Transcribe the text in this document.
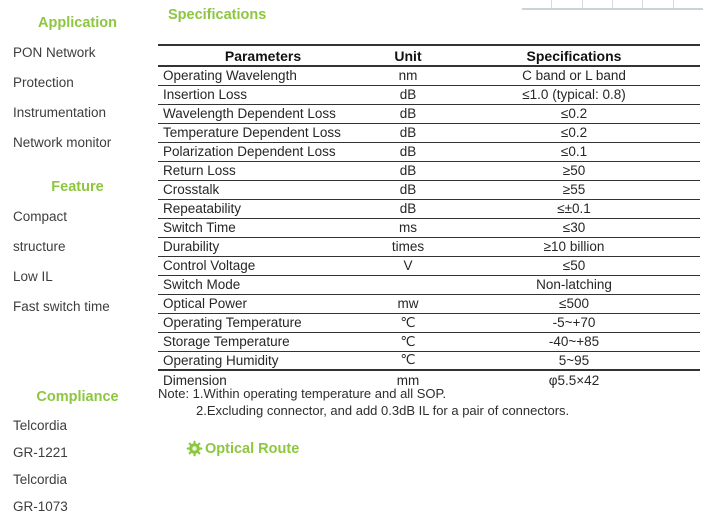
Application
PON Network
Protection
Instrumentation
Network monitor
Feature
Compact
structure
Low IL
Fast switch time
Compliance
Telcordia
GR-1221
Telcordia
GR-1073
Specifications
Parameters	Unit	Specifications
Operating Wavelength	nm	C band or L band
Insertion Loss	dB	≤1.0 (typical: 0.8)
Wavelength Dependent Loss	dB	≤0.2
Temperature Dependent Loss	dB	≤0.2
Polarization Dependent Loss	dB	≤0.1
Return Loss	dB	≥50
Crosstalk	dB	≥55
Repeatability	dB	≤±0.1
Switch Time	ms	≤30
Durability	times	≥10 billion
Control Voltage	V	≤50
Switch Mode		Non-latching
Optical Power	mw	≤500
Operating Temperature	℃	-5~+70
Storage Temperature	℃	-40~+85
Operating Humidity	℃	5~95
Dimension	mm	φ5.5×42
Note: 1.Within operating temperature and all SOP.
2.Excluding connector, and add 0.3dB IL for a pair of connectors.
Optical Route
